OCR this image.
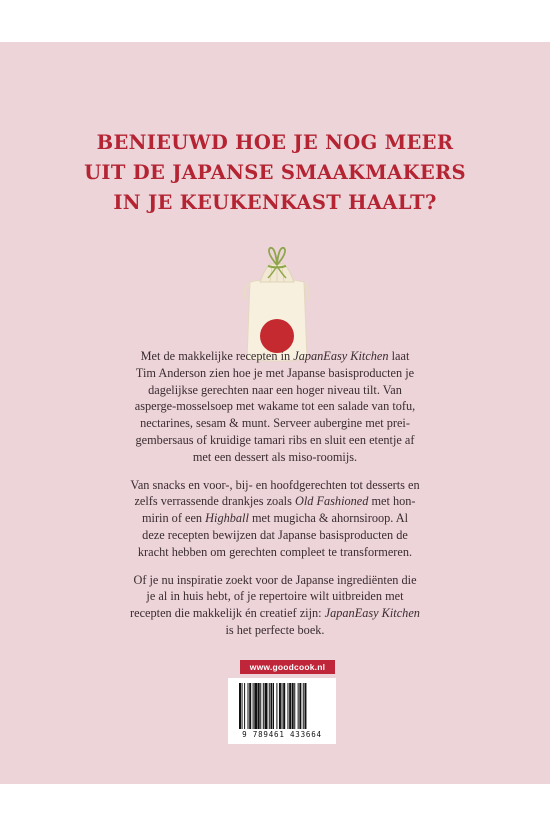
BENIEUWD HOE JE NOG MEER
UIT DE JAPANSE SMAAKMAKERS
IN JE KEUKENKAST HAALT?

Met de makkelijke recepten in JapanEasy Kitchen laat Tim Anderson zien hoe je met Japanse basisproducten je dagelijkse gerechten naar een hoger niveau tilt. Van asperge-mosselsoep met wakame tot een salade van tofu, nectarines, sesam & munt. Serveer aubergine met prei-gembersaus of kruidige tamari ribs en sluit een etentje af met een dessert als miso-roomijs.

Van snacks en voor-, bij- en hoofdgerechten tot desserts en zelfs verrassende drankjes zoals Old Fashioned met hon-mirin of een Highball met mugicha & ahornsiroop. Al deze recepten bewijzen dat Japanse basisproducten de kracht hebben om gerechten compleet te transformeren.

Of je nu inspiratie zoekt voor de Japanse ingrediënten die je al in huis hebt, of je repertoire wilt uitbreiden met recepten die makkelijk én creatief zijn: JapanEasy Kitchen is het perfecte boek.

www.goodcook.nl
9 789461 433664
